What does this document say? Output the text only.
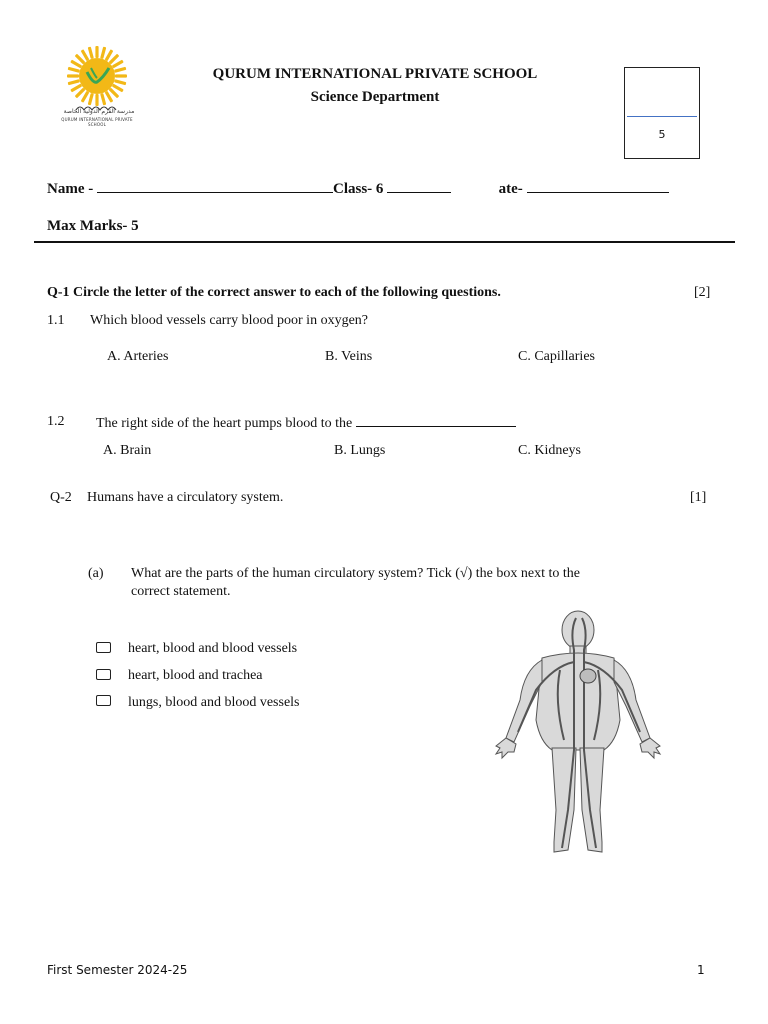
مدرسة القرم الدولية الخاصة
QURUM INTERNATIONAL PRIVATE SCHOOL
QURUM INTERNATIONAL PRIVATE SCHOOL
Science Department
5
Name -	Class- 6	ate-
Max Marks- 5
Q-1 Circle the letter of the correct answer to each of the following questions.	[2]
1.1 Which blood vessels carry blood poor in oxygen?
A. Arteries	B. Veins	C. Capillaries
1.2 The right side of the heart pumps blood to the
A. Brain	B. Lungs	C. Kidneys
Q-2 Humans have a circulatory system.	[1]
(a) What are the parts of the human circulatory system? Tick (√) the box next to the
correct statement.
heart, blood and blood vessels
heart, blood and trachea
lungs, blood and blood vessels
First Semester 2024-25	1
